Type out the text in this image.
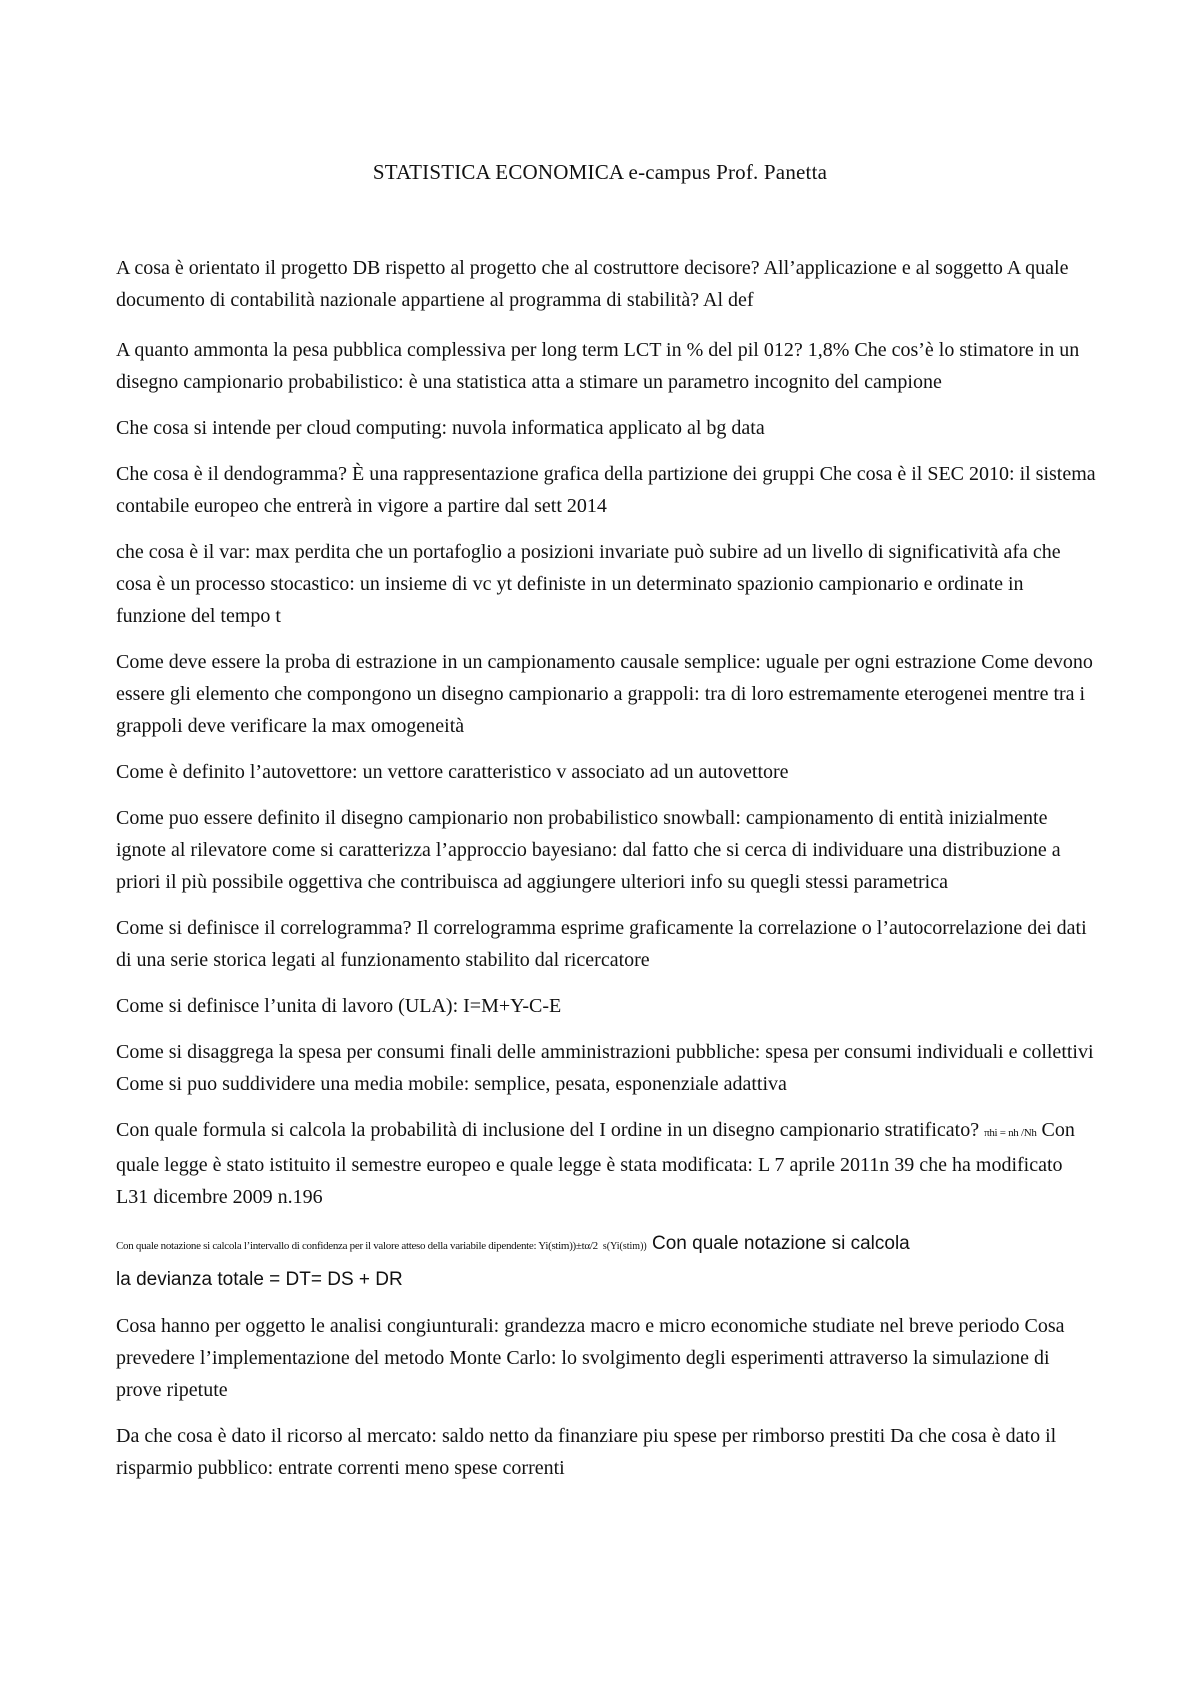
STATISTICA ECONOMICA e-campus Prof. Panetta

A cosa è orientato il progetto DB rispetto al progetto che al costruttore decisore? All’applicazione e al soggetto A quale documento di contabilità nazionale appartiene al programma di stabilità? Al def

A quanto ammonta la pesa pubblica complessiva per long term LCT in % del pil 012? 1,8% Che cos’è lo stimatore in un disegno campionario probabilistico: è una statistica atta a stimare un parametro incognito del campione

Che cosa si intende per cloud computing: nuvola informatica applicato al bg data

Che cosa è il dendogramma? È una rappresentazione grafica della partizione dei gruppi Che cosa è il SEC 2010: il sistema contabile europeo che entrerà in vigore a partire dal sett 2014

che cosa è il var: max perdita che un portafoglio a posizioni invariate può subire ad un livello di significatività afa che cosa è un processo stocastico: un insieme di vc yt definiste in un determinato spazionio campionario e ordinate in funzione del tempo t

Come deve essere la proba di estrazione in un campionamento causale semplice: uguale per ogni estrazione Come devono essere gli elemento che compongono un disegno campionario a grappoli: tra di loro estremamente eterogenei mentre tra i grappoli deve verificare la max omogeneità

Come è definito l’autovettore: un vettore caratteristico v associato ad un autovettore

Come puo essere definito il disegno campionario non probabilistico snowball: campionamento di entità inizialmente ignote al rilevatore come si caratterizza l’approccio bayesiano: dal fatto che si cerca di individuare una distribuzione a priori il più possibile oggettiva che contribuisca ad aggiungere ulteriori info su quegli stessi parametrica

Come si definisce il correlogramma? Il correlogramma esprime graficamente la correlazione o l’autocorrelazione dei dati di una serie storica legati al funzionamento stabilito dal ricercatore

Come si definisce l’unita di lavoro (ULA): I=M+Y-C-E

Come si disaggrega la spesa per consumi finali delle amministrazioni pubbliche: spesa per consumi individuali e collettivi Come si puo suddividere una media mobile: semplice, pesata, esponenziale adattiva

Con quale formula si calcola la probabilità di inclusione del I ordine in un disegno campionario stratificato? πhi = nh /Nh Con quale legge è stato istituito il semestre europeo e quale legge è stata modificata: L 7 aprile 2011n 39 che ha modificato L31 dicembre 2009 n.196

Con quale notazione si calcola l’intervallo di confidenza per il valore atteso della variabile dipendente: Yi(stim))±tα/2 s(Yi(stim)) Con quale notazione si calcola
la devianza totale = DT= DS + DR

Cosa hanno per oggetto le analisi congiunturali: grandezza macro e micro economiche studiate nel breve periodo Cosa prevedere l’implementazione del metodo Monte Carlo: lo svolgimento degli esperimenti attraverso la simulazione di prove ripetute

Da che cosa è dato il ricorso al mercato: saldo netto da finanziare piu spese per rimborso prestiti Da che cosa è dato il risparmio pubblico: entrate correnti meno spese correnti
